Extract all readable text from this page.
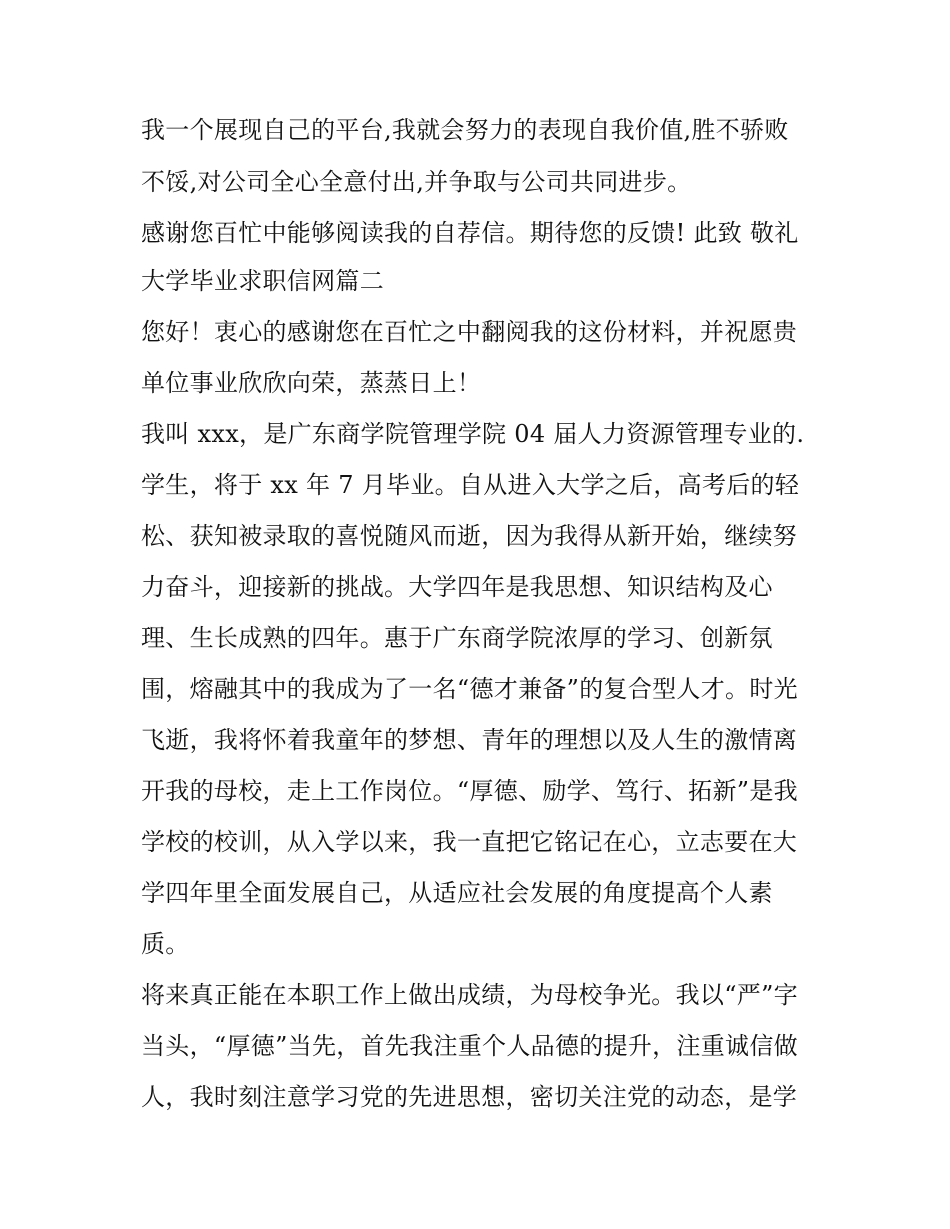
我一个展现自己的平台,我就会努力的表现自我价值,胜不骄败
不馁,对公司全心全意付出,并争取与公司共同进步。
感谢您百忙中能够阅读我的自荐信。期待您的反馈! 此致 敬礼
大学毕业求职信网篇二
您好！衷心的感谢您在百忙之中翻阅我的这份材料，并祝愿贵
单位事业欣欣向荣，蒸蒸日上！
我叫 xxx，是广东商学院管理学院 04 届人力资源管理专业的.
学生，将于 xx 年 7 月毕业。自从进入大学之后，高考后的轻
松、获知被录取的喜悦随风而逝，因为我得从新开始，继续努
力奋斗，迎接新的挑战。大学四年是我思想、知识结构及心
理、生长成熟的四年。惠于广东商学院浓厚的学习、创新氛
围，熔融其中的我成为了一名“德才兼备”的复合型人才。时光
飞逝，我将怀着我童年的梦想、青年的理想以及人生的激情离
开我的母校，走上工作岗位。“厚德、励学、笃行、拓新”是我
学校的校训，从入学以来，我一直把它铭记在心，立志要在大
学四年里全面发展自己，从适应社会发展的角度提高个人素
质。
将来真正能在本职工作上做出成绩，为母校争光。我以“严”字
当头，“厚德”当先，首先我注重个人品德的提升，注重诚信做
人，我时刻注意学习党的先进思想，密切关注党的动态，是学
